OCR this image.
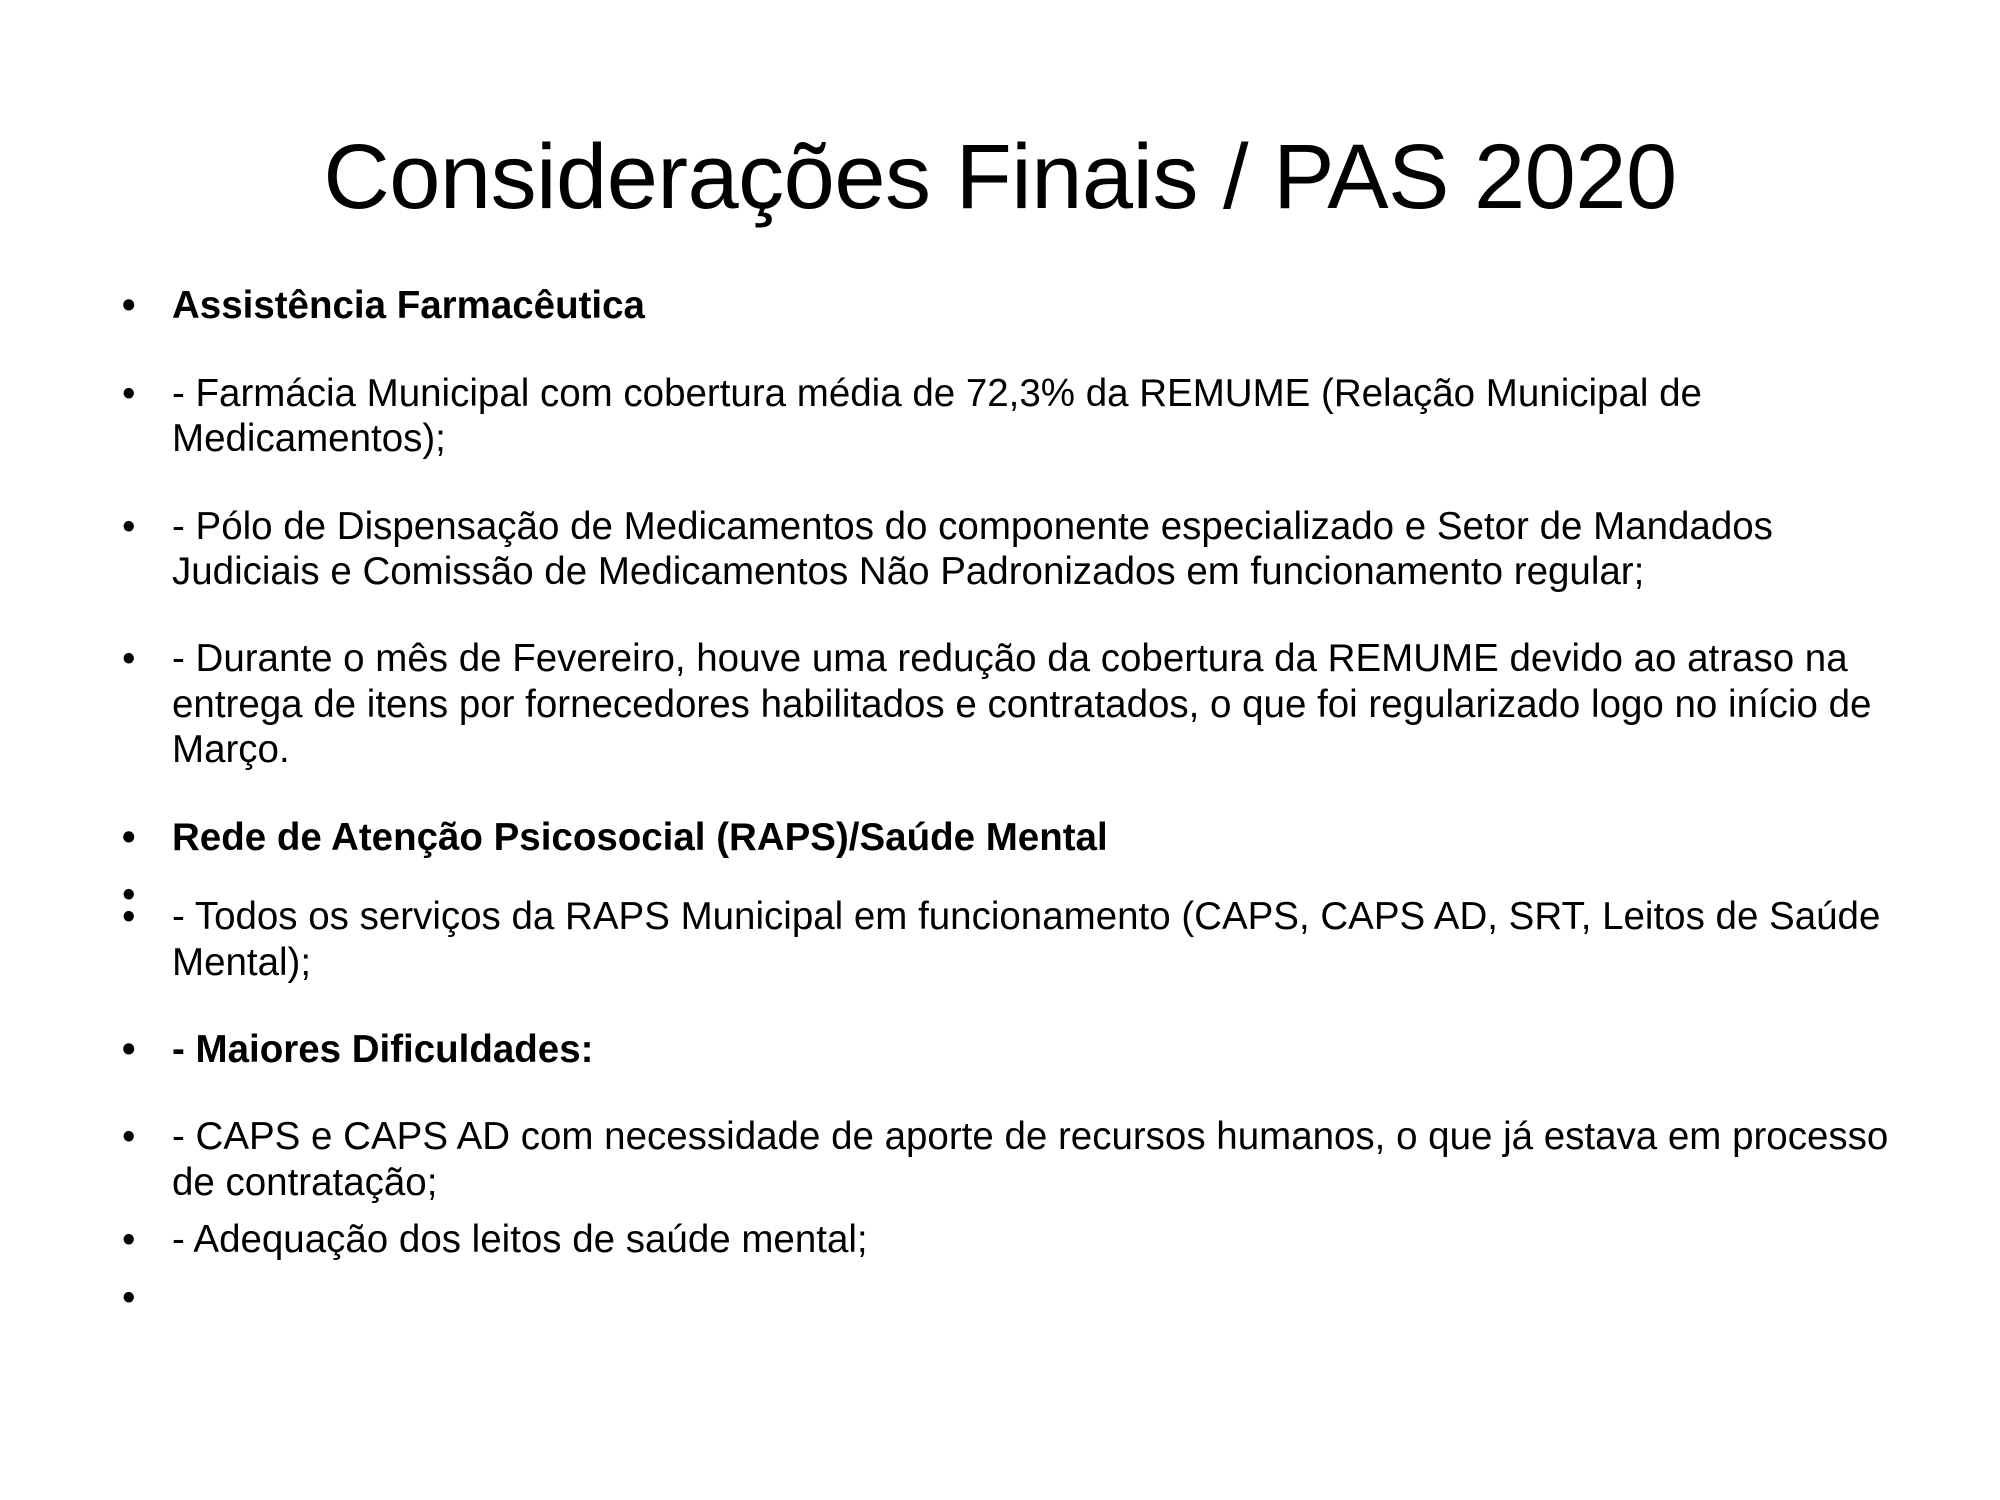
Considerações Finais / PAS 2020
• Assistência Farmacêutica
• - Farmácia Municipal com cobertura média de 72,3% da REMUME (Relação Municipal de Medicamentos);
• - Pólo de Dispensação de Medicamentos do componente especializado e Setor de Mandados Judiciais e Comissão de Medicamentos Não Padronizados em funcionamento regular;
• - Durante o mês de Fevereiro, houve uma redução da cobertura da REMUME devido ao atraso na entrega de itens por fornecedores habilitados e contratados, o que foi regularizado logo no início de Março.
• Rede de Atenção Psicosocial (RAPS)/Saúde Mental
•
• - Todos os serviços da RAPS Municipal em funcionamento (CAPS, CAPS AD, SRT, Leitos de Saúde Mental);
• - Maiores Dificuldades:
• - CAPS e CAPS AD com necessidade de aporte de recursos humanos, o que já estava em processo de contratação;
• - Adequação dos leitos de saúde mental;
•
